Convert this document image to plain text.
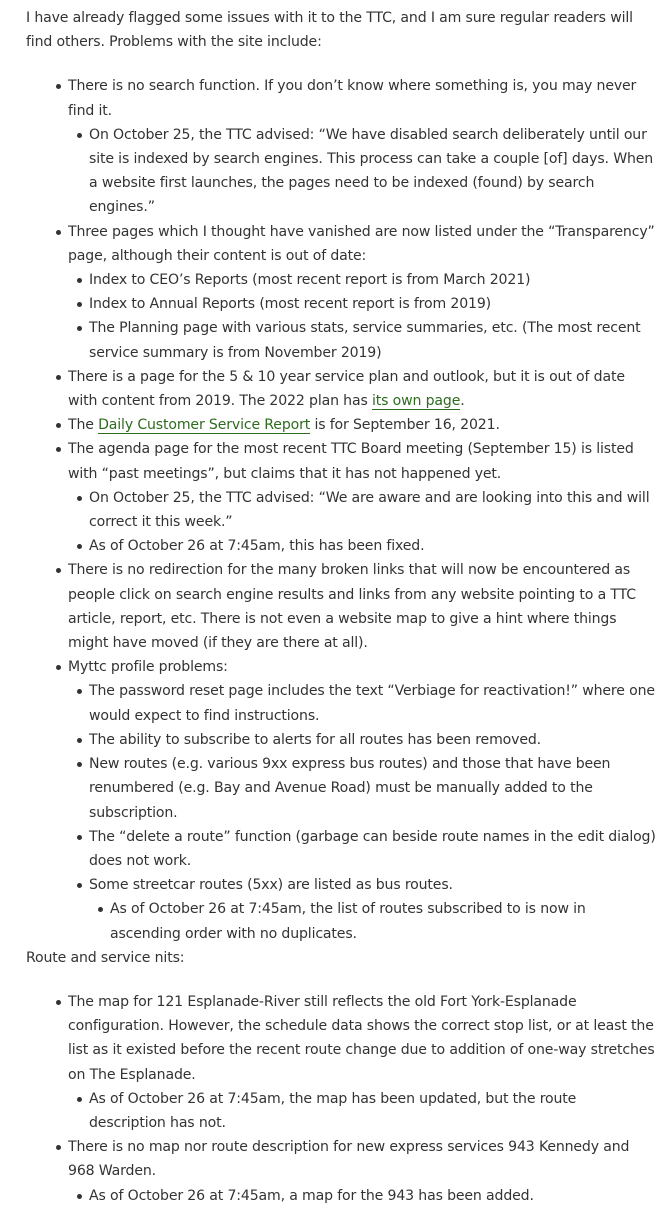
I have already flagged some issues with it to the TTC, and I am sure regular readers will find others. Problems with the site include:

There is no search function. If you don’t know where something is, you may never find it.
On October 25, the TTC advised: “We have disabled search deliberately until our site is indexed by search engines. This process can take a couple [of] days. When a website first launches, the pages need to be indexed (found) by search engines.”
Three pages which I thought have vanished are now listed under the “Transparency” page, although their content is out of date:
Index to CEO’s Reports (most recent report is from March 2021)
Index to Annual Reports (most recent report is from 2019)
The Planning page with various stats, service summaries, etc. (The most recent service summary is from November 2019)
There is a page for the 5 & 10 year service plan and outlook, but it is out of date with content from 2019. The 2022 plan has its own page.
The Daily Customer Service Report is for September 16, 2021.
The agenda page for the most recent TTC Board meeting (September 15) is listed with “past meetings”, but claims that it has not happened yet.
On October 25, the TTC advised: “We are aware and are looking into this and will correct it this week.”
As of October 26 at 7:45am, this has been fixed.
There is no redirection for the many broken links that will now be encountered as people click on search engine results and links from any website pointing to a TTC article, report, etc. There is not even a website map to give a hint where things might have moved (if they are there at all).
Myttc profile problems:
The password reset page includes the text “Verbiage for reactivation!” where one would expect to find instructions.
The ability to subscribe to alerts for all routes has been removed.
New routes (e.g. various 9xx express bus routes) and those that have been renumbered (e.g. Bay and Avenue Road) must be manually added to the subscription.
The “delete a route” function (garbage can beside route names in the edit dialog) does not work.
Some streetcar routes (5xx) are listed as bus routes.
As of October 26 at 7:45am, the list of routes subscribed to is now in ascending order with no duplicates.

Route and service nits:

The map for 121 Esplanade-River still reflects the old Fort York-Esplanade configuration. However, the schedule data shows the correct stop list, or at least the list as it existed before the recent route change due to addition of one-way stretches on The Esplanade.
As of October 26 at 7:45am, the map has been updated, but the route description has not.
There is no map nor route description for new express services 943 Kennedy and 968 Warden.
As of October 26 at 7:45am, a map for the 943 has been added.
